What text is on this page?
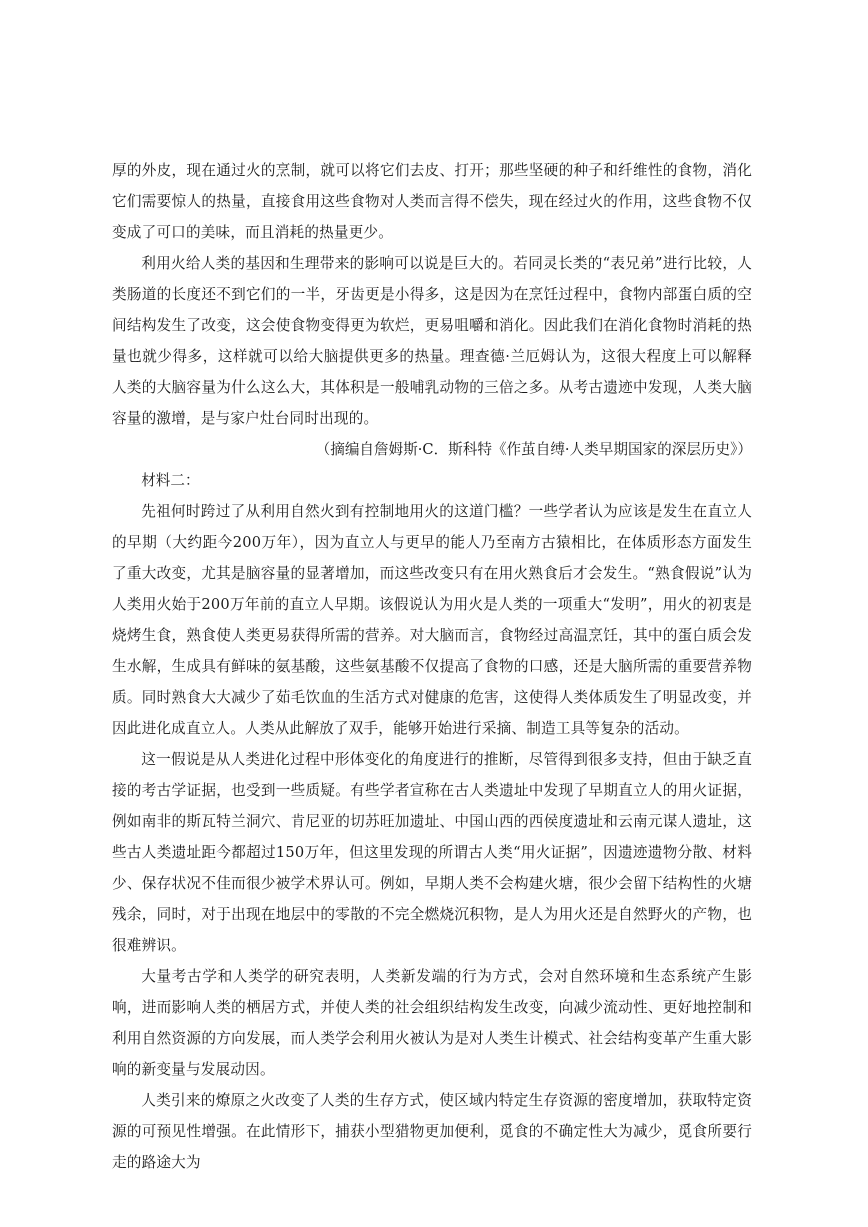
厚的外皮，现在通过火的烹制，就可以将它们去皮、打开；那些坚硬的种子和纤维性的食物，消化它们需要惊人的热量，直接食用这些食物对人类而言得不偿失，现在经过火的作用，这些食物不仅变成了可口的美味，而且消耗的热量更少。

利用火给人类的基因和生理带来的影响可以说是巨大的。若同灵长类的“表兄弟”进行比较，人类肠道的长度还不到它们的一半，牙齿更是小得多，这是因为在烹饪过程中，食物内部蛋白质的空间结构发生了改变，这会使食物变得更为软烂，更易咀嚼和消化。因此我们在消化食物时消耗的热量也就少得多，这样就可以给大脑提供更多的热量。理查德·兰厄姆认为，这很大程度上可以解释人类的大脑容量为什么这么大，其体积是一般哺乳动物的三倍之多。从考古遗迹中发现，人类大脑容量的激增，是与家户灶台同时出现的。

（摘编自詹姆斯·C．斯科特《作茧自缚·人类早期国家的深层历史》）

材料二：

先祖何时跨过了从利用自然火到有控制地用火的这道门槛？一些学者认为应该是发生在直立人的早期（大约距今200万年），因为直立人与更早的能人乃至南方古猿相比，在体质形态方面发生了重大改变，尤其是脑容量的显著增加，而这些改变只有在用火熟食后才会发生。“熟食假说”认为人类用火始于200万年前的直立人早期。该假说认为用火是人类的一项重大“发明”，用火的初衷是烧烤生食，熟食使人类更易获得所需的营养。对大脑而言，食物经过高温烹饪，其中的蛋白质会发生水解，生成具有鲜味的氨基酸，这些氨基酸不仅提高了食物的口感，还是大脑所需的重要营养物质。同时熟食大大减少了茹毛饮血的生活方式对健康的危害，这使得人类体质发生了明显改变，并因此进化成直立人。人类从此解放了双手，能够开始进行采摘、制造工具等复杂的活动。

这一假说是从人类进化过程中形体变化的角度进行的推断，尽管得到很多支持，但由于缺乏直接的考古学证据，也受到一些质疑。有些学者宣称在古人类遗址中发现了早期直立人的用火证据，例如南非的斯瓦特兰洞穴、肯尼亚的切苏旺加遗址、中国山西的西侯度遗址和云南元谋人遗址，这些古人类遗址距今都超过150万年，但这里发现的所谓古人类“用火证据”，因遗迹遗物分散、材料少、保存状况不佳而很少被学术界认可。例如，早期人类不会构建火塘，很少会留下结构性的火塘残余，同时，对于出现在地层中的零散的不完全燃烧沉积物，是人为用火还是自然野火的产物，也很难辨识。

大量考古学和人类学的研究表明，人类新发端的行为方式，会对自然环境和生态系统产生影响，进而影响人类的栖居方式，并使人类的社会组织结构发生改变，向减少流动性、更好地控制和利用自然资源的方向发展，而人类学会利用火被认为是对人类生计模式、社会结构变革产生重大影响的新变量与发展动因。

人类引来的燎原之火改变了人类的生存方式，使区域内特定生存资源的密度增加，获取特定资源的可预见性增强。在此情形下，捕获小型猎物更加便利，觅食的不确定性大为减少，觅食所要行走的路途大为
